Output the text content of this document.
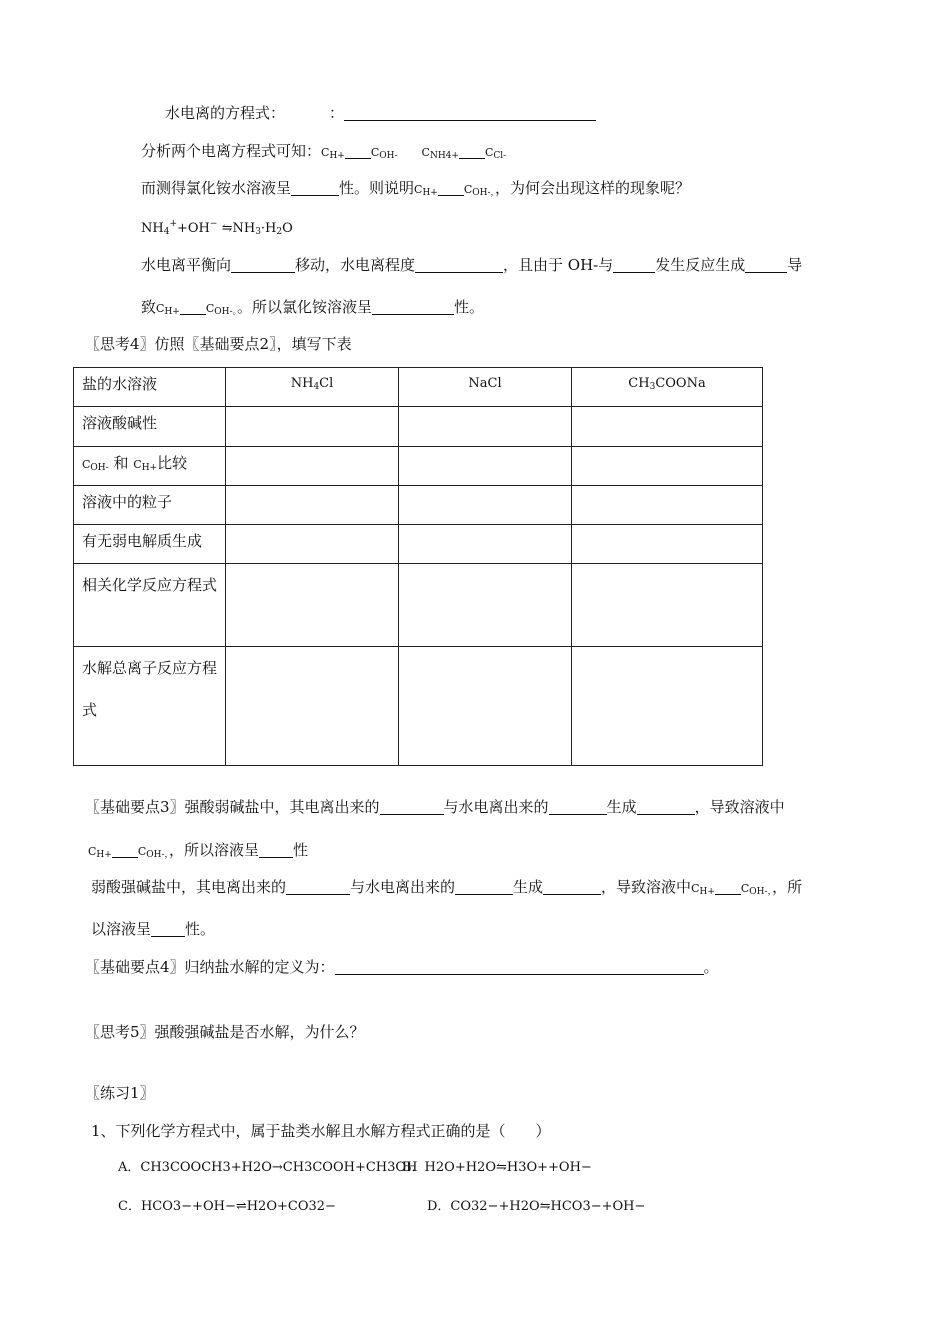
水电离的方程式：	：
分析两个电离方程式可知：$C_{H+}$ $C_{OH-}$ $C_{NH4+}$ $C_{Cl-}$
而测得氯化铵水溶液呈	性。则说明$C_{H+}$ $C_{OH-,}$，为何会出现这样的现象呢？
$NH_4^++OH^-$ $⇋NH_3\cdot H_2O$
水电离平衡向	移动，水电离程度	，且由于 OH-与	发生反应生成	导
致$C_{H+}$ $C_{OH-。}$。所以氯化铵溶液呈	性。
〖思考4〗仿照〖基础要点2〗，填写下表
盐的水溶液	$NH_4Cl$	NaCl	$CH_3COONa$
溶液酸碱性			
$C_{OH-}$ 和 $C_{H+}$比较			
溶液中的粒子			
有无弱电解质生成			
相关化学反应方程式			
水解总离子反应方程式			
〖基础要点3〗强酸弱碱盐中，其电离出来的	与水电离出来的	生成	，导致溶液中
$C_{H+}$ $C_{OH-,}$，所以溶液呈 性
弱酸强碱盐中，其电离出来的	与水电离出来的	生成	，导致溶液中$C_{H+}$ $C_{OH-,}$，所
以溶液呈 性。
〖基础要点4〗归纳盐水解的定义为：	。
〖思考5〗强酸强碱盐是否水解，为什么？
〖练习1〗
1、下列化学方程式中，属于盐类水解且水解方程式正确的是（　　）
A．CH3COOCH3+H2O→CH3COOH+CH3OH
B．H2O+H2O⇋H3O++OH−
C．HCO3−+OH−⇌H2O+CO32−	D．CO32−+H2O⇋HCO3−+OH−
